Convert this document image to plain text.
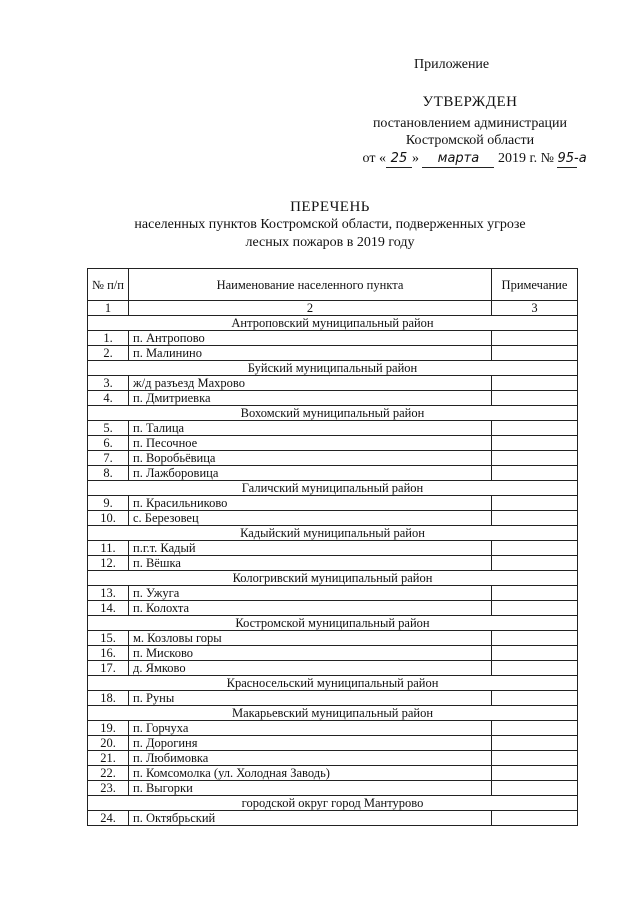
Приложение
УТВЕРЖДЕН
постановлением администрации
Костромской области
от « 25 » марта 2019 г. № 95-а
ПЕРЕЧЕНЬ
населенных пунктов Костромской области, подверженных угрозе
лесных пожаров в 2019 году
№ п/п	Наименование населенного пункта	Примечание
1	2	3
Антроповский муниципальный район		
1.	п. Антропово	
2.	п. Малинино	
Буйский муниципальный район		
3.	ж/д разъезд Махрово	
4.	п. Дмитриевка	
Вохомский муниципальный район		
5.	п. Талица	
6.	п. Песочное	
7.	п. Воробьёвица	
8.	п. Лажборовица	
Галичский муниципальный район		
9.	п. Красильниково	
10.	с. Березовец	
Кадыйский муниципальный район		
11.	п.г.т. Кадый	
12.	п. Вёшка	
Кологривский муниципальный район		
13.	п. Ужуга	
14.	п. Колохта	
Костромской муниципальный район		
15.	м. Козловы горы	
16.	п. Мисково	
17.	д. Ямково	
Красносельский муниципальный район		
18.	п. Руны	
Макарьевский муниципальный район		
19.	п. Горчуха	
20.	п. Дорогиня	
21.	п. Любимовка	
22.	п. Комсомолка (ул. Холодная Заводь)	
23.	п. Выгорки	
городской округ город Мантурово		
24.	п. Октябрьский	
